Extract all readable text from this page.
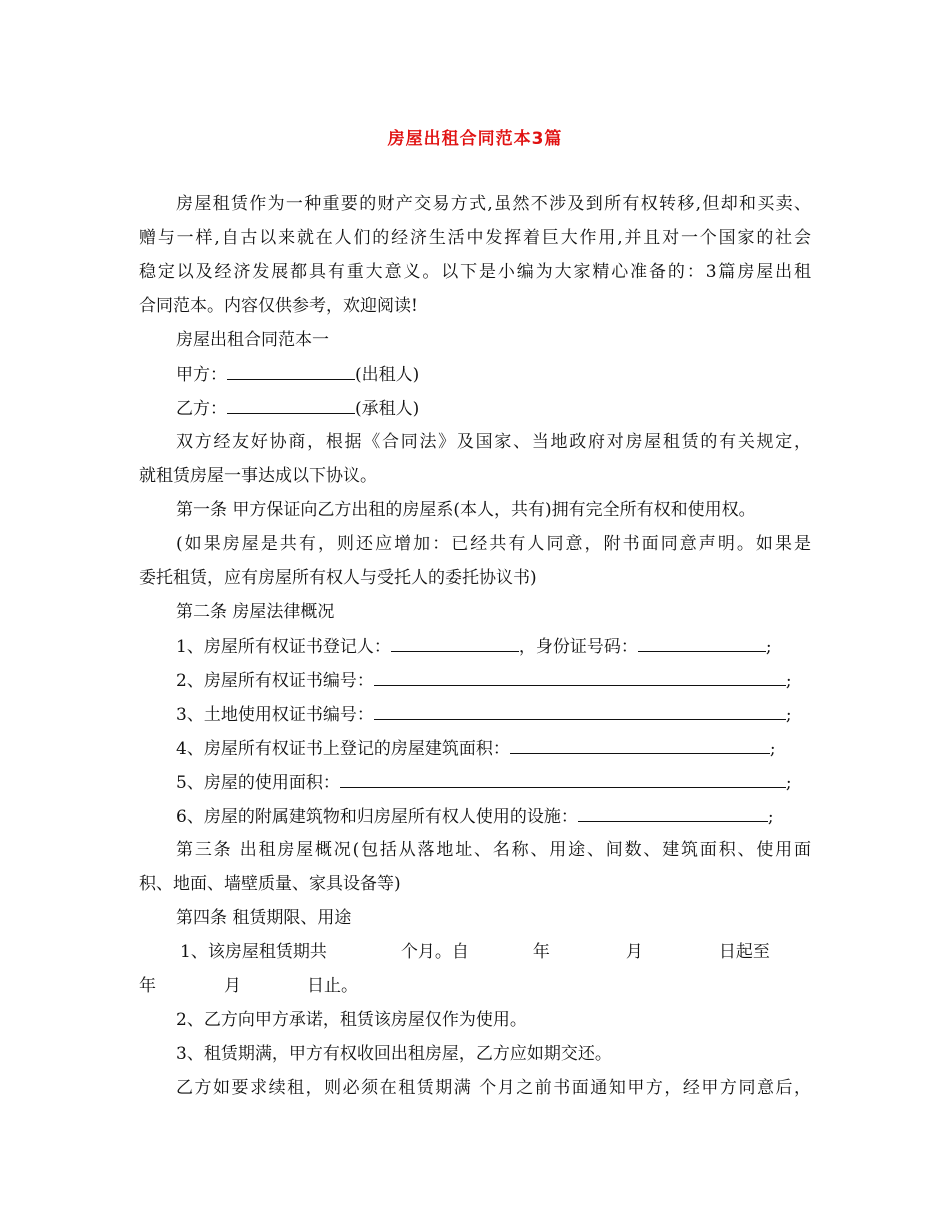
房屋出租合同范本3篇
房屋租赁作为一种重要的财产交易方式,虽然不涉及到所有权转移,但却和买卖、
赠与一样,自古以来就在人们的经济生活中发挥着巨大作用,并且对一个国家的社会
稳定以及经济发展都具有重大意义。以下是小编为大家精心准备的：3篇房屋出租
合同范本。内容仅供参考，欢迎阅读!
房屋出租合同范本一
甲方：	(出租人)
乙方：	(承租人)
双方经友好协商，根据《合同法》及国家、当地政府对房屋租赁的有关规定，
就租赁房屋一事达成以下协议。
第一条 甲方保证向乙方出租的房屋系(本人，共有)拥有完全所有权和使用权。
(如果房屋是共有，则还应增加：已经共有人同意，附书面同意声明。如果是
委托租赁，应有房屋所有权人与受托人的委托协议书)
第二条 房屋法律概况
1、房屋所有权证书登记人：	，身份证号码：	;
2、房屋所有权证书编号：	;
3、土地使用权证书编号：	;
4、房屋所有权证书上登记的房屋建筑面积：	;
5、房屋的使用面积：	;
6、房屋的附属建筑物和归房屋所有权人使用的设施：	;
第三条 出租房屋概况(包括从落地址、名称、用途、间数、建筑面积、使用面
积、地面、墙壁质量、家具设备等)
第四条 租赁期限、用途
1、该房屋租赁期共	个月。自	年	月	日起至
年	月	日止。
2、乙方向甲方承诺，租赁该房屋仅作为使用。
3、租赁期满，甲方有权收回出租房屋，乙方应如期交还。
乙方如要求续租，则必须在租赁期满 个月之前书面通知甲方，经甲方同意后，
